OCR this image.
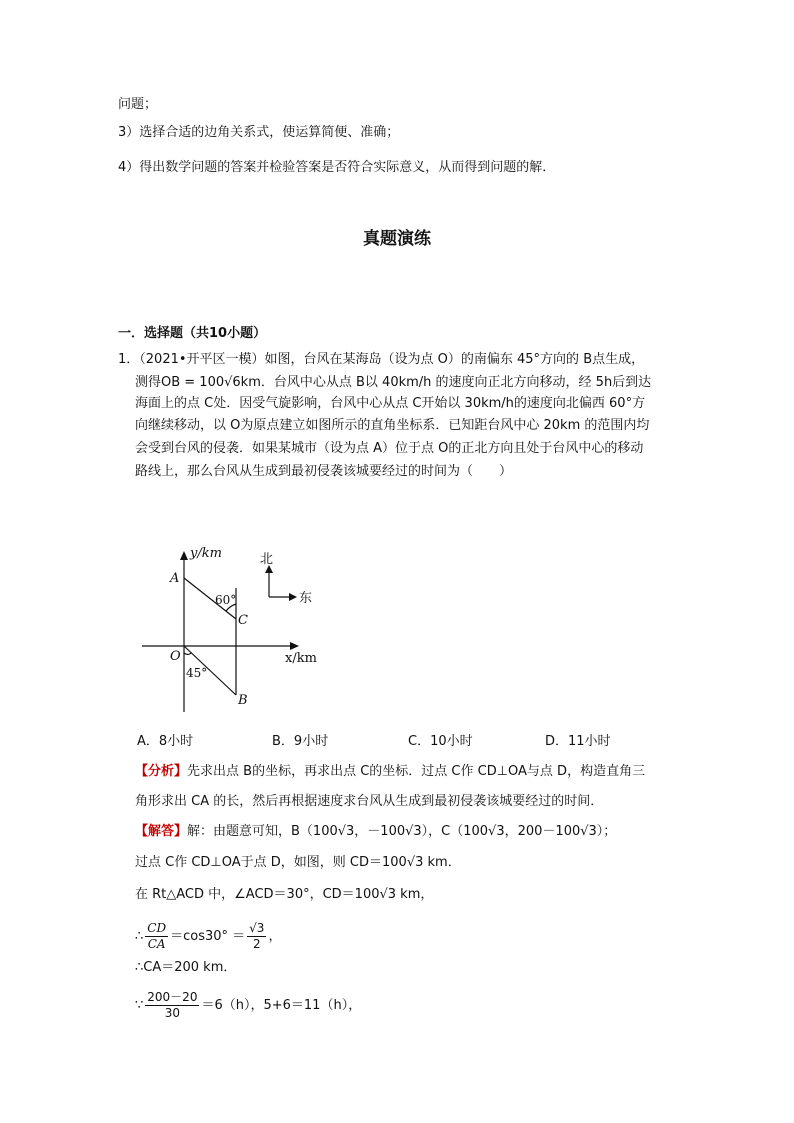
问题；
3）选择合适的边角关系式，使运算简便、准确；
4）得出数学问题的答案并检验答案是否符合实际意义，从而得到问题的解．
真题演练
一．选择题（共10小题）
1．（2021•开平区一模）如图，台风在某海岛（设为点 O）的南偏东 45°方向的 B点生成，
测得OB = 100√6km．台风中心从点 B以 40km/h 的速度向正北方向移动，经 5h后到达
海面上的点 C处．因受气旋影响，台风中心从点 C开始以 30km/h的速度向北偏西 60°方
向继续移动，以 O为原点建立如图所示的直角坐标系．已知距台风中心 20km 的范围内均
会受到台风的侵袭．如果某城市（设为点 A）位于点 O的正北方向且处于台风中心的移动
路线上，那么台风从生成到最初侵袭该城要经过的时间为（　　）
y/km
x/km
A
C
O
B
60°
45°
北
东
A．8小时	B．9小时	C．10小时	D．11小时
【分析】先求出点 B的坐标，再求出点 C的坐标．过点 C作 CD⊥OA与点 D，构造直角三
角形求出 CA 的长，然后再根据速度求台风从生成到最初侵袭该城要经过的时间．
【解答】解：由题意可知，B（100√3，－100√3），C（100√3，200－100√3）；
过点 C作 CD⊥OA于点 D，如图，则 CD＝100√3 km．
在 Rt△ACD 中，∠ACD＝30°，CD＝100√3 km，
∴ $\frac{CD}{CA} =\cos 30^\circ = \frac{√3}{2}$ ，
∴CA＝200 km．
∵ $\frac{200-20}{30} =6(h)$，5+6＝11（h），
